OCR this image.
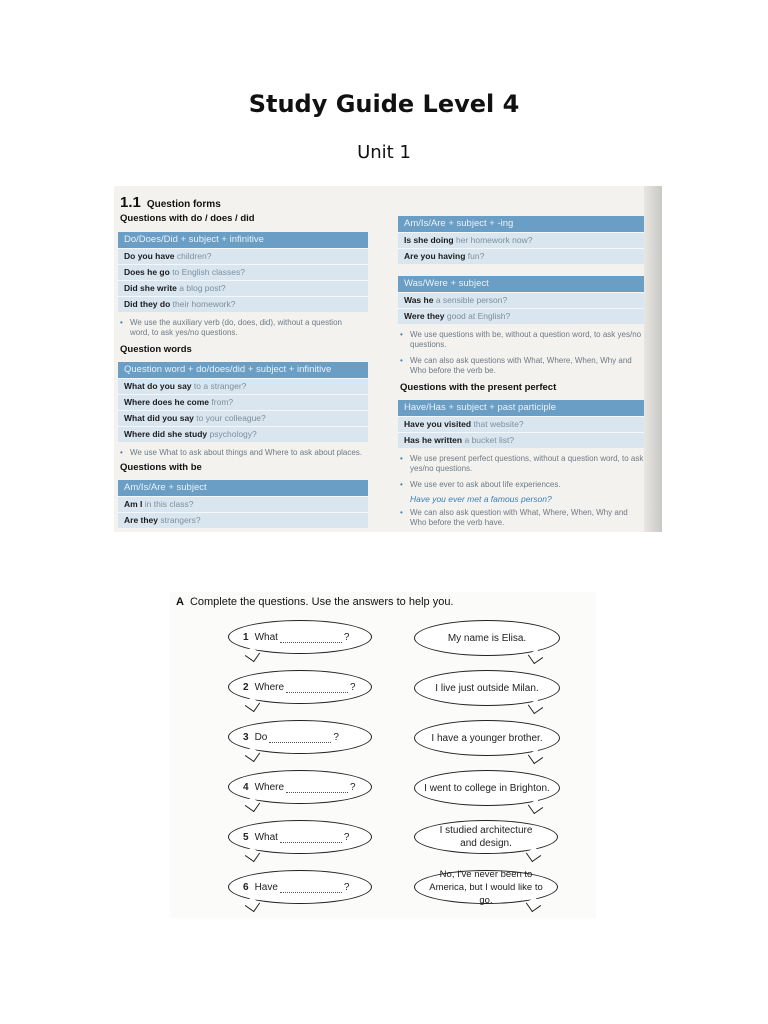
Study Guide Level 4
Unit 1
1.1 Question forms
Questions with do / does / did
Do/Does/Did + subject + infinitive
Do you have children?
Does he go to English classes?
Did she write a blog post?
Did they do their homework?
• We use the auxiliary verb (do, does, did), without a question word, to ask yes/no questions.
Question words
Question word + do/does/did + subject + infinitive
What do you say to a stranger?
Where does he come from?
What did you say to your colleague?
Where did she study psychology?
• We use What to ask about things and Where to ask about places.
Questions with be
Am/Is/Are + subject
Am I in this class?
Are they strangers?
Am/Is/Are + subject + -ing
Is she doing her homework now?
Are you having fun?
Was/Were + subject
Was he a sensible person?
Were they good at English?
• We use questions with be, without a question word, to ask yes/no questions.
• We can also ask questions with What, Where, When, Why and Who before the verb be.
Questions with the present perfect
Have/Has + subject + past participle
Have you visited that website?
Has he written a bucket list?
• We use present perfect questions, without a question word, to ask yes/no questions.
• We use ever to ask about life experiences.
Have you ever met a famous person?
• We can also ask question with What, Where, When, Why and Who before the verb have.
A Complete the questions. Use the answers to help you.
1 What	?	My name is Elisa.
2 Where	?	I live just outside Milan.
3 Do	?	I have a younger brother.
4 Where	?	I went to college in Brighton.
5 What	?
I studied architecture and design.
6 Have	?
No, I've never been to America, but I would like to go.
